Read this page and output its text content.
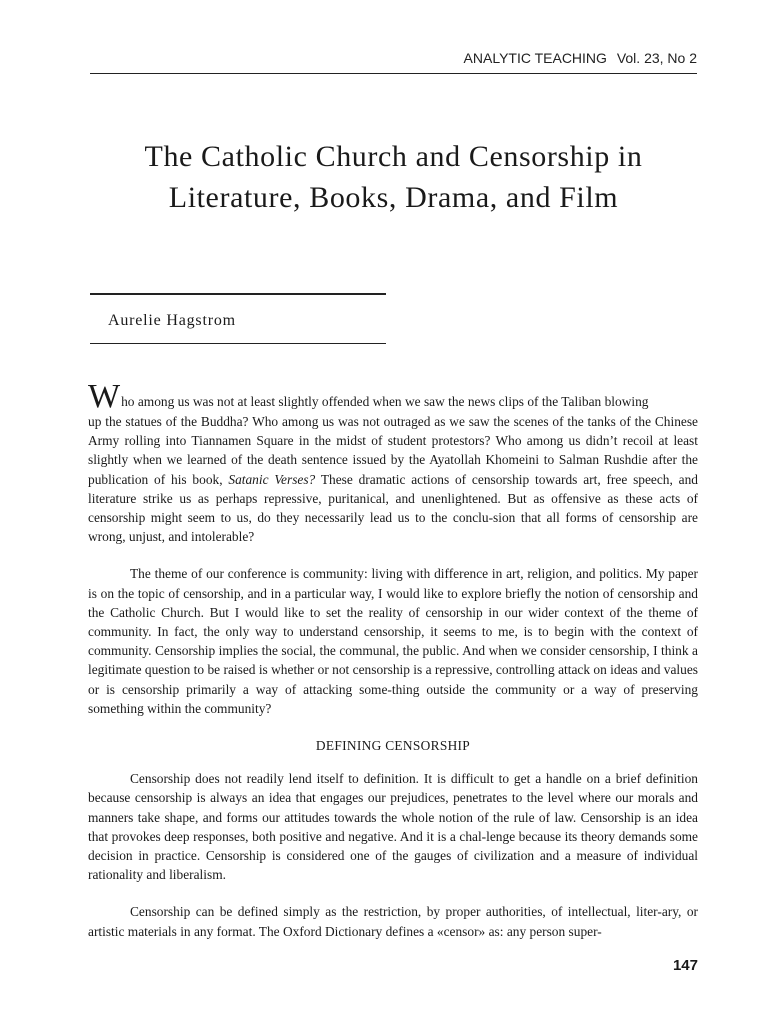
ANALYTIC TEACHING Vol. 23, No 2
The Catholic Church and Censorship in
Literature, Books, Drama, and Film
Aurelie Hagstrom

Who among us was not at least slightly offended when we saw the news clips of the Taliban blowing
up the statues of the Buddha? Who among us was not outraged as we saw the scenes of the tanks of the Chinese Army rolling into Tiannamen Square in the midst of student protestors? Who among us didn’t recoil at least slightly when we learned of the death sentence issued by the Ayatollah Khomeini to Salman Rushdie after the publication of his book, Satanic Verses? These dramatic actions of censorship towards art, free speech, and literature strike us as perhaps repressive, puritanical, and unenlightened. But as offensive as these acts of censorship might seem to us, do they necessarily lead us to the conclu-sion that all forms of censorship are wrong, unjust, and intolerable?

The theme of our conference is community: living with difference in art, religion, and politics. My paper is on the topic of censorship, and in a particular way, I would like to explore briefly the notion of censorship and the Catholic Church. But I would like to set the reality of censorship in our wider context of the theme of community. In fact, the only way to understand censorship, it seems to me, is to begin with the context of community. Censorship implies the social, the communal, the public. And when we consider censorship, I think a legitimate question to be raised is whether or not censorship is a repressive, controlling attack on ideas and values or is censorship primarily a way of attacking some-thing outside the community or a way of preserving something within the community?

DEFINING CENSORSHIP

Censorship does not readily lend itself to definition. It is difficult to get a handle on a brief definition because censorship is always an idea that engages our prejudices, penetrates to the level where our morals and manners take shape, and forms our attitudes towards the whole notion of the rule of law. Censorship is an idea that provokes deep responses, both positive and negative. And it is a chal-lenge because its theory demands some decision in practice. Censorship is considered one of the gauges of civilization and a measure of individual rationality and liberalism.

Censorship can be defined simply as the restriction, by proper authorities, of intellectual, liter-ary, or artistic materials in any format. The Oxford Dictionary defines a «censor» as: any person super-

147
